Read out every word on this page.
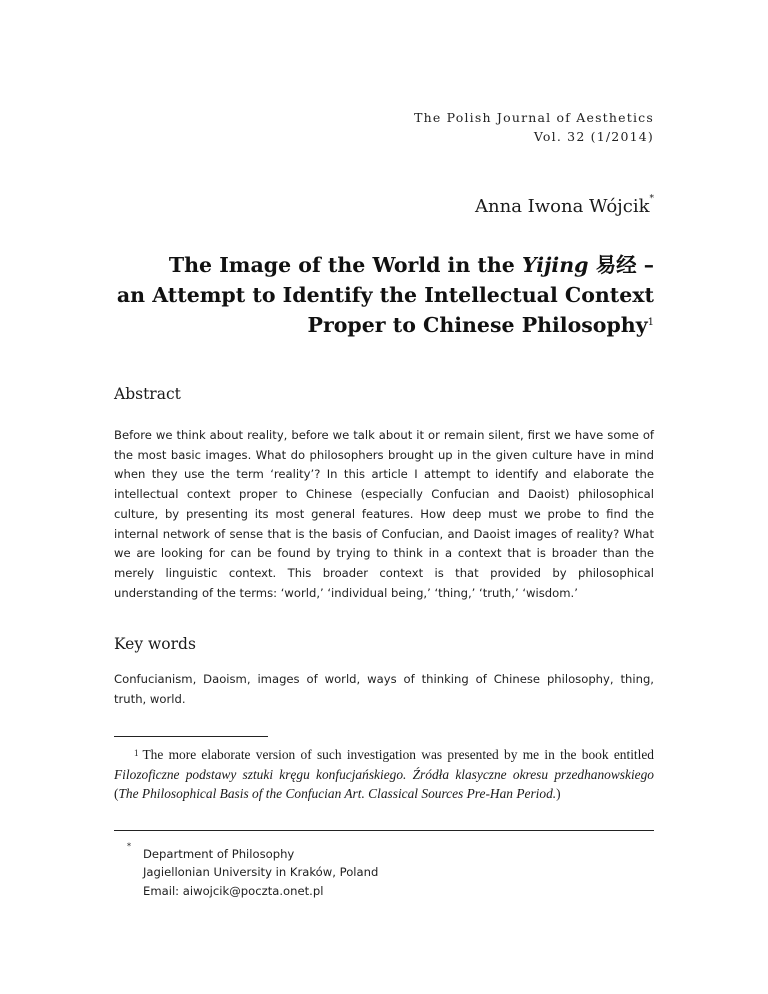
The Polish Journal of Aesthetics
Vol. 32 (1/2014)
Anna Iwona Wójcik*
The Image of the World in the Yijing 易经 –
an Attempt to Identify the Intellectual Context
Proper to Chinese Philosophy$^1$
Abstract
Before we think about reality, before we talk about it or remain silent, first we have some of the most basic images. What do philosophers brought up in the given culture have in mind when they use the term ‘reality’? In this article I attempt to identify and elaborate the intellectual context proper to Chinese (especially Confucian and Daoist) philosophical culture, by presenting its most general features. How deep must we probe to find the internal network of sense that is the basis of Confucian, and Daoist images of reality? What we are looking for can be found by trying to think in a context that is broader than the merely linguistic context. This broader context is that provided by philosophical understanding of the terms: ‘world,’ ‘individual being,’ ‘thing,’ ‘truth,’ ‘wisdom.’
Key words
Confucianism, Daoism, images of world, ways of thinking of Chinese philosophy, thing, truth, world.
$^1$ The more elaborate version of such investigation was presented by me in the book entitled Filozoficzne podstawy sztuki kręgu konfucjańskiego. Źródła klasyczne okresu przedhanowskiego (The Philosophical Basis of the Confucian Art. Classical Sources Pre-Han Period.)
*
Department of Philosophy
Jagiellonian University in Kraków, Poland
Email: aiwojcik@poczta.onet.pl
